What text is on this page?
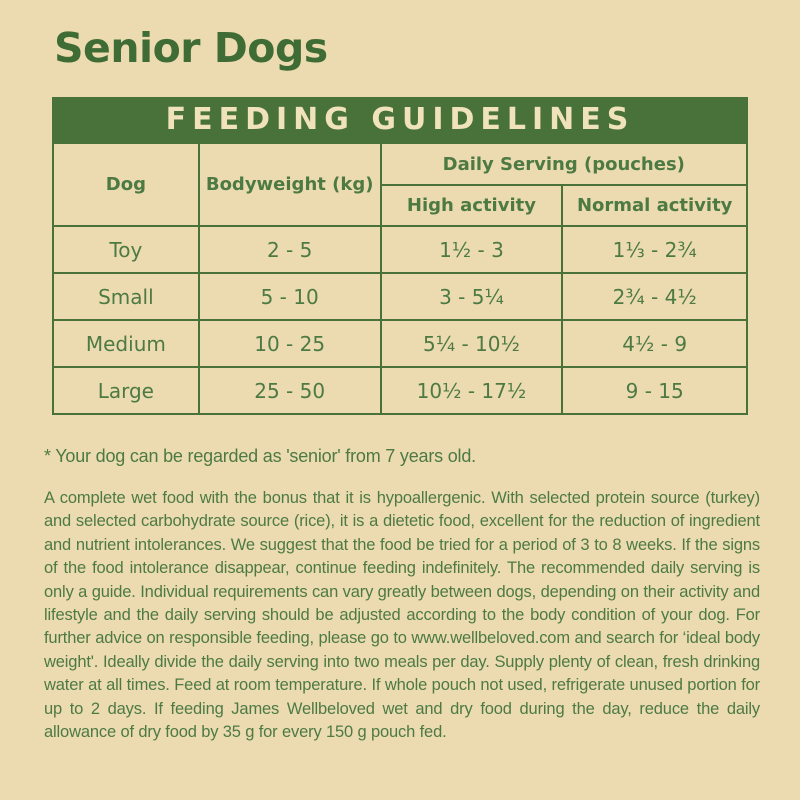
Senior Dogs
FEEDING GUIDELINES
Dog	Bodyweight (kg)	Daily Serving (pouches)	
		High activity	Normal activity
Toy	2 - 5	1½ - 3	1⅓ - 2¾
Small	5 - 10	3 - 5¼	2¾ - 4½
Medium	10 - 25	5¼ - 10½	4½ - 9
Large	25 - 50	10½ - 17½	9 - 15

* Your dog can be regarded as 'senior' from 7 years old.

A complete wet food with the bonus that it is hypoallergenic. With selected protein source (turkey) and selected carbohydrate source (rice), it is a dietetic food, excellent for the reduction of ingredient and nutrient intolerances. We suggest that the food be tried for a period of 3 to 8 weeks. If the signs of the food intolerance disappear, continue feeding indefinitely. The recommended daily serving is only a guide. Individual requirements can vary greatly between dogs, depending on their activity and lifestyle and the daily serving should be adjusted according to the body condition of your dog. For further advice on responsible feeding, please go to www.wellbeloved.com and search for ‘ideal body weight'. Ideally divide the daily serving into two meals per day. Supply plenty of clean, fresh drinking water at all times. Feed at room temperature. If whole pouch not used, refrigerate unused portion for up to 2 days. If feeding James Wellbeloved wet and dry food during the day, reduce the daily allowance of dry food by 35 g for every 150 g pouch fed.
